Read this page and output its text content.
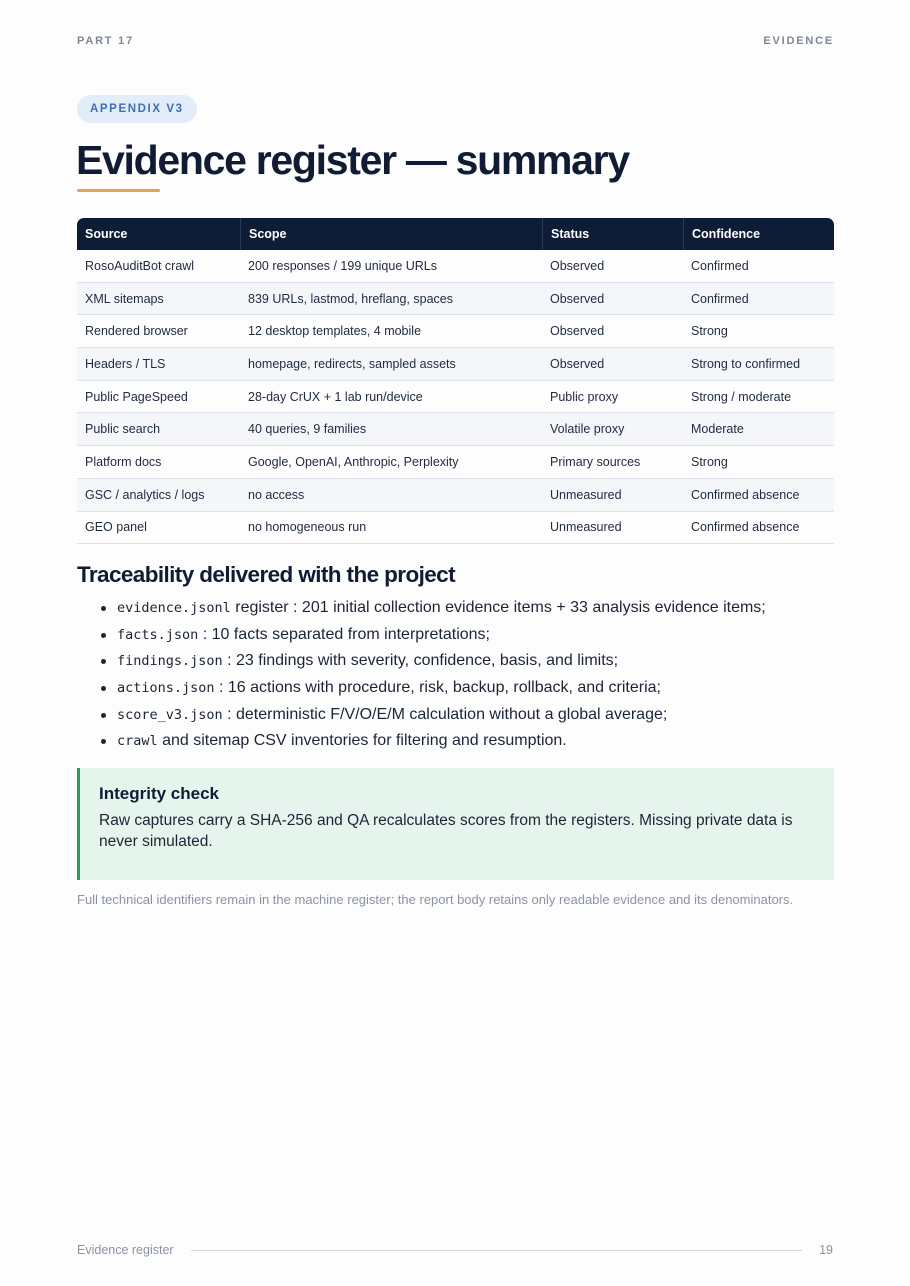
PART 17	EVIDENCE
APPENDIX V3
Evidence register — summary
Source	Scope	Status	Confidence
RosoAuditBot crawl	200 responses / 199 unique URLs	Observed	Confirmed
XML sitemaps	839 URLs, lastmod, hreflang, spaces	Observed	Confirmed
Rendered browser	12 desktop templates, 4 mobile	Observed	Strong
Headers / TLS	homepage, redirects, sampled assets	Observed	Strong to confirmed
Public PageSpeed	28-day CrUX + 1 lab run/device	Public proxy	Strong / moderate
Public search	40 queries, 9 families	Volatile proxy	Moderate
Platform docs	Google, OpenAI, Anthropic, Perplexity	Primary sources	Strong
GSC / analytics / logs	no access	Unmeasured	Confirmed absence
GEO panel	no homogeneous run	Unmeasured	Confirmed absence
Traceability delivered with the project
evidence.jsonl register : 201 initial collection evidence items + 33 analysis evidence items;
facts.json : 10 facts separated from interpretations;
findings.json : 23 findings with severity, confidence, basis, and limits;
actions.json : 16 actions with procedure, risk, backup, rollback, and criteria;
score_v3.json : deterministic F/V/O/E/M calculation without a global average;
crawl and sitemap CSV inventories for filtering and resumption.
Integrity check
Raw captures carry a SHA-256 and QA recalculates scores from the registers. Missing private data is never simulated.

Full technical identifiers remain in the machine register; the report body retains only readable evidence and its denominators.

Evidence register	19
